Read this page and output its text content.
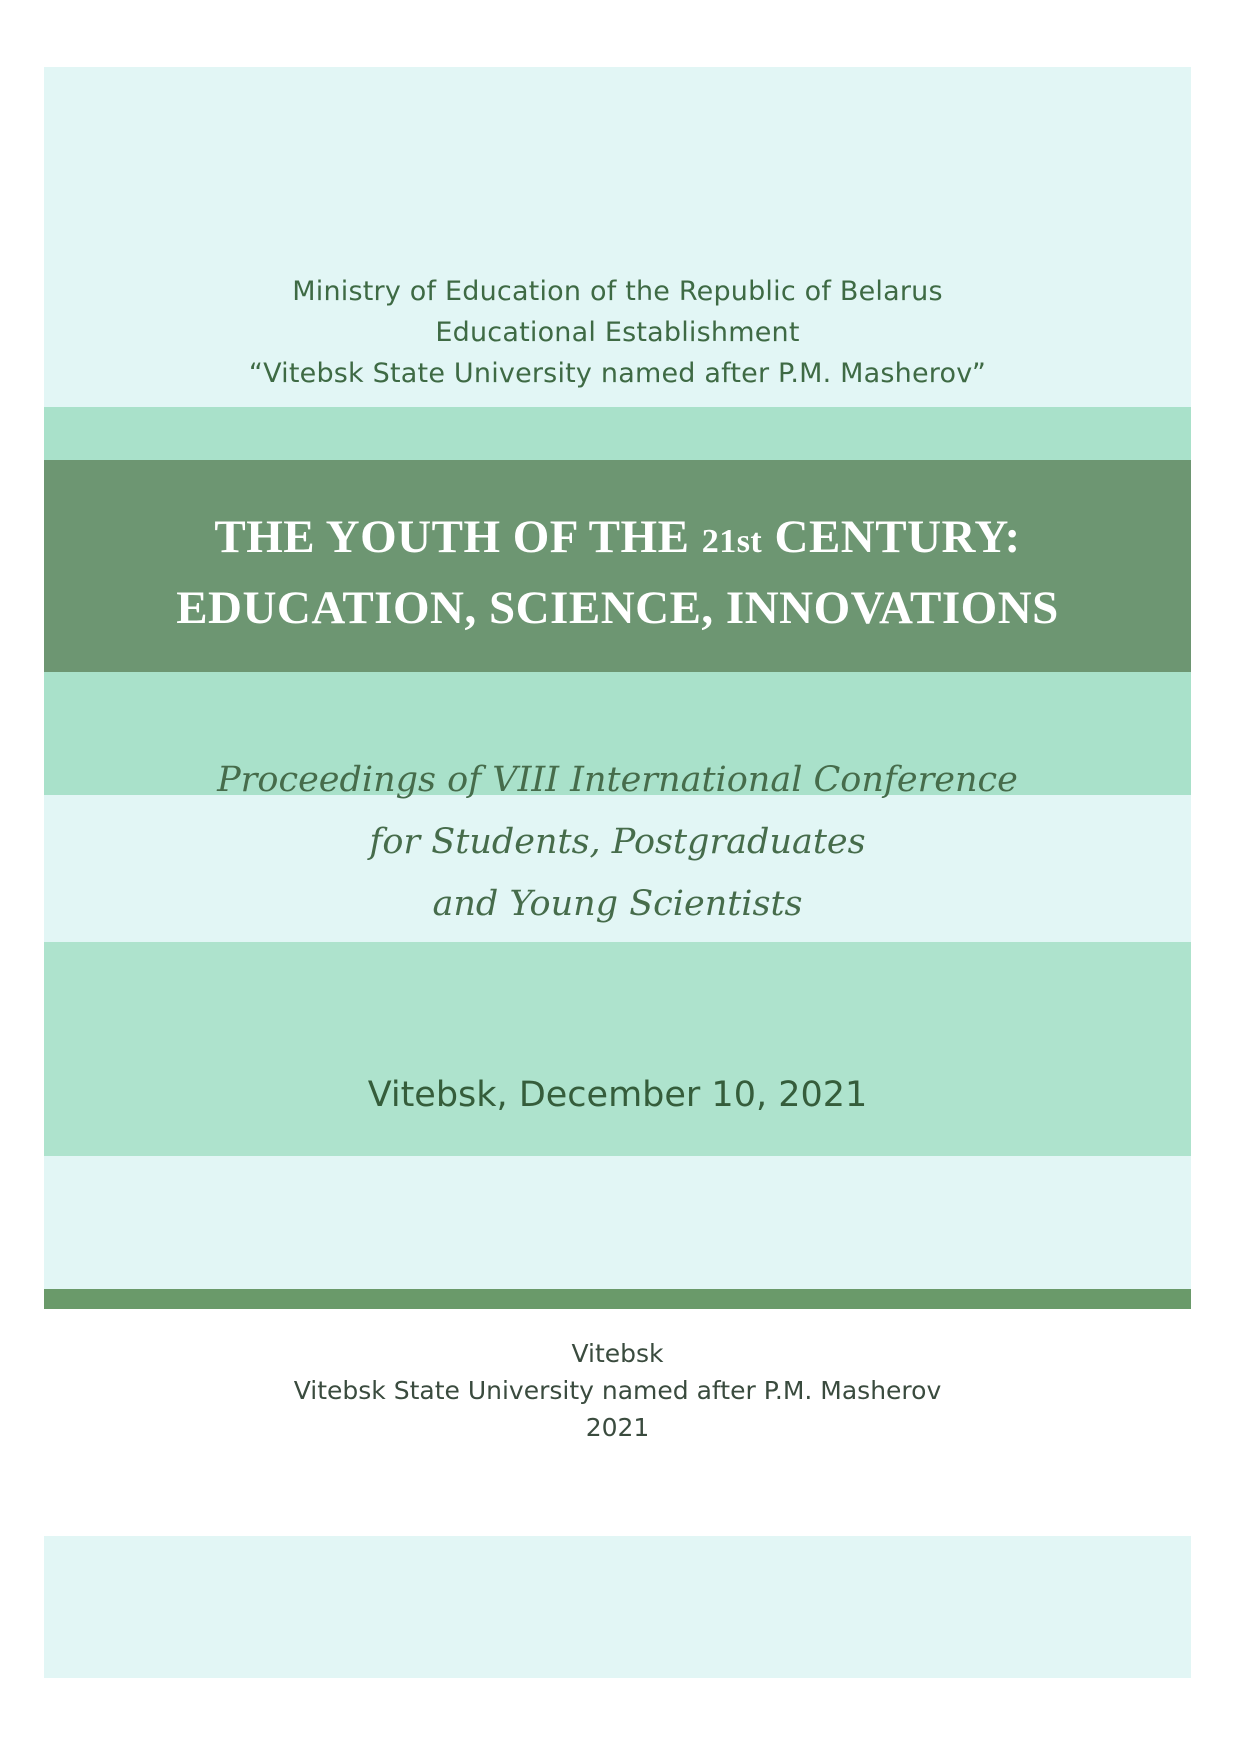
Ministry of Education of the Republic of Belarus
Educational Establishment
“Vitebsk State University named after P.M. Masherov”

THE YOUTH OF THE 21st CENTURY:
EDUCATION, SCIENCE, INNOVATIONS

Proceedings of VIII International Conference
for Students, Postgraduates
and Young Scientists

Vitebsk, December 10, 2021

Vitebsk
Vitebsk State University named after P.M. Masherov
2021
